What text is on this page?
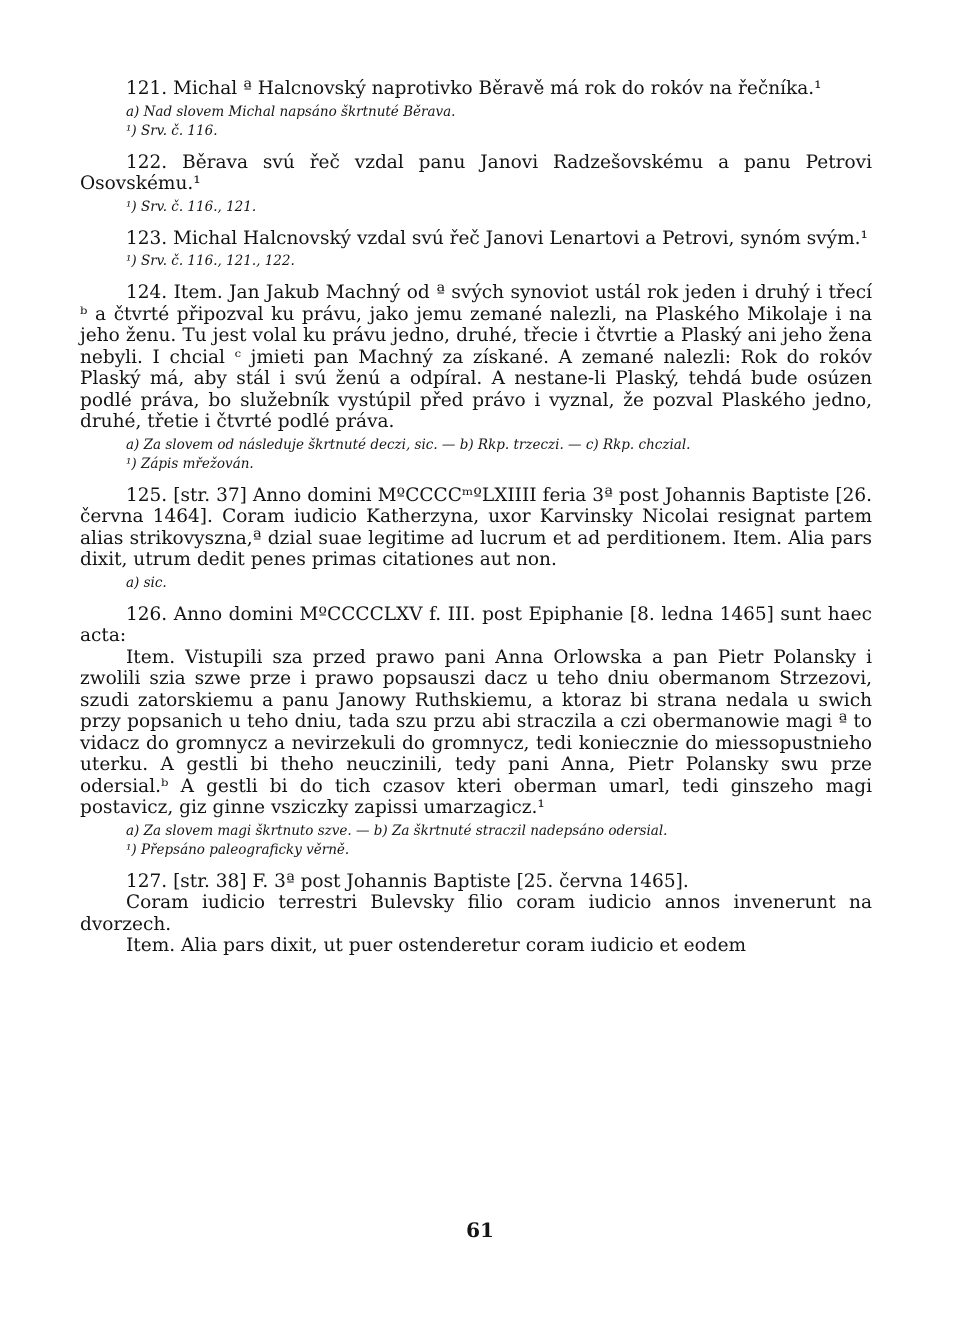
121. Michal ª Halcnovský naprotivko Běravě má rok do rokóv na řečníka.¹

a) Nad slovem Michal napsáno škrtnuté Běrava.
¹) Srv. č. 116.

122. Běrava svú řeč vzdal panu Janovi Radzešovskému a panu Petrovi Osovskému.¹

¹) Srv. č. 116., 121.

123. Michal Halcnovský vzdal svú řeč Janovi Lenartovi a Petrovi, synóm svým.¹

¹) Srv. č. 116., 121., 122.

124. Item. Jan Jakub Machný od ª svých synoviot ustál rok jeden i druhý i třecí ᵇ a čtvrté připozval ku právu, jako jemu zemané nalezli, na Plaského Mikolaje i na jeho ženu. Tu jest volal ku právu jedno, druhé, třecie i čtvrtie a Plaský ani jeho žena nebyli. I chcial ᶜ jmieti pan Machný za získané. A zemané nalezli: Rok do rokóv Plaský má, aby stál i svú ženú a odpíral. A nestane-li Plaský, tehdá bude osúzen podlé práva, bo služebník vystúpil před právo i vyznal, že pozval Plaského jedno, druhé, třetie i čtvrté podlé práva.

a) Za slovem od následuje škrtnuté deczi, sic. — b) Rkp. trzeczi. — c) Rkp. chczial.
¹) Zápis mřežován.

125. [str. 37] Anno domini MºCCCCᵐºLXIIII feria 3ª post Johannis Baptiste [26. června 1464]. Coram iudicio Katherzyna, uxor Karvinsky Nicolai resignat partem alias strikovyszna,ª dzial suae legitime ad lucrum et ad perditionem. Item. Alia pars dixit, utrum dedit penes primas citationes aut non.

a) sic.

126. Anno domini MºCCCCLXV f. III. post Epiphanie [8. ledna 1465] sunt haec acta:

Item. Vistupili sza przed prawo pani Anna Orlowska a pan Pietr Polansky i zwolili szia szwe prze i prawo popsauszi dacz u teho dniu obermanom Strzezovi, szudi zatorskiemu a panu Janowy Ruthskiemu, a ktoraz bi strana nedala u swich przy popsanich u teho dniu, tada szu przu abi straczila a czi obermanowie magi ª to vidacz do gromnycz a nevirzekuli do gromnycz, tedi koniecznie do miessopustnieho uterku. A gestli bi theho neuczinili, tedy pani Anna, Pietr Polansky swu prze odersial.ᵇ A gestli bi do tich czasov kteri oberman umarl, tedi ginszeho magi postavicz, giz ginne vsziczky zapissi umarzagicz.¹

a) Za slovem magi škrtnuto szve. — b) Za škrtnuté straczil nadepsáno odersial.
¹) Přepsáno paleograficky věrně.

127. [str. 38] F. 3ª post Johannis Baptiste [25. června 1465].

Coram iudicio terrestri Bulevsky filio coram iudicio annos invenerunt na dvorzech.

Item. Alia pars dixit, ut puer ostenderetur coram iudicio et eodem

61
